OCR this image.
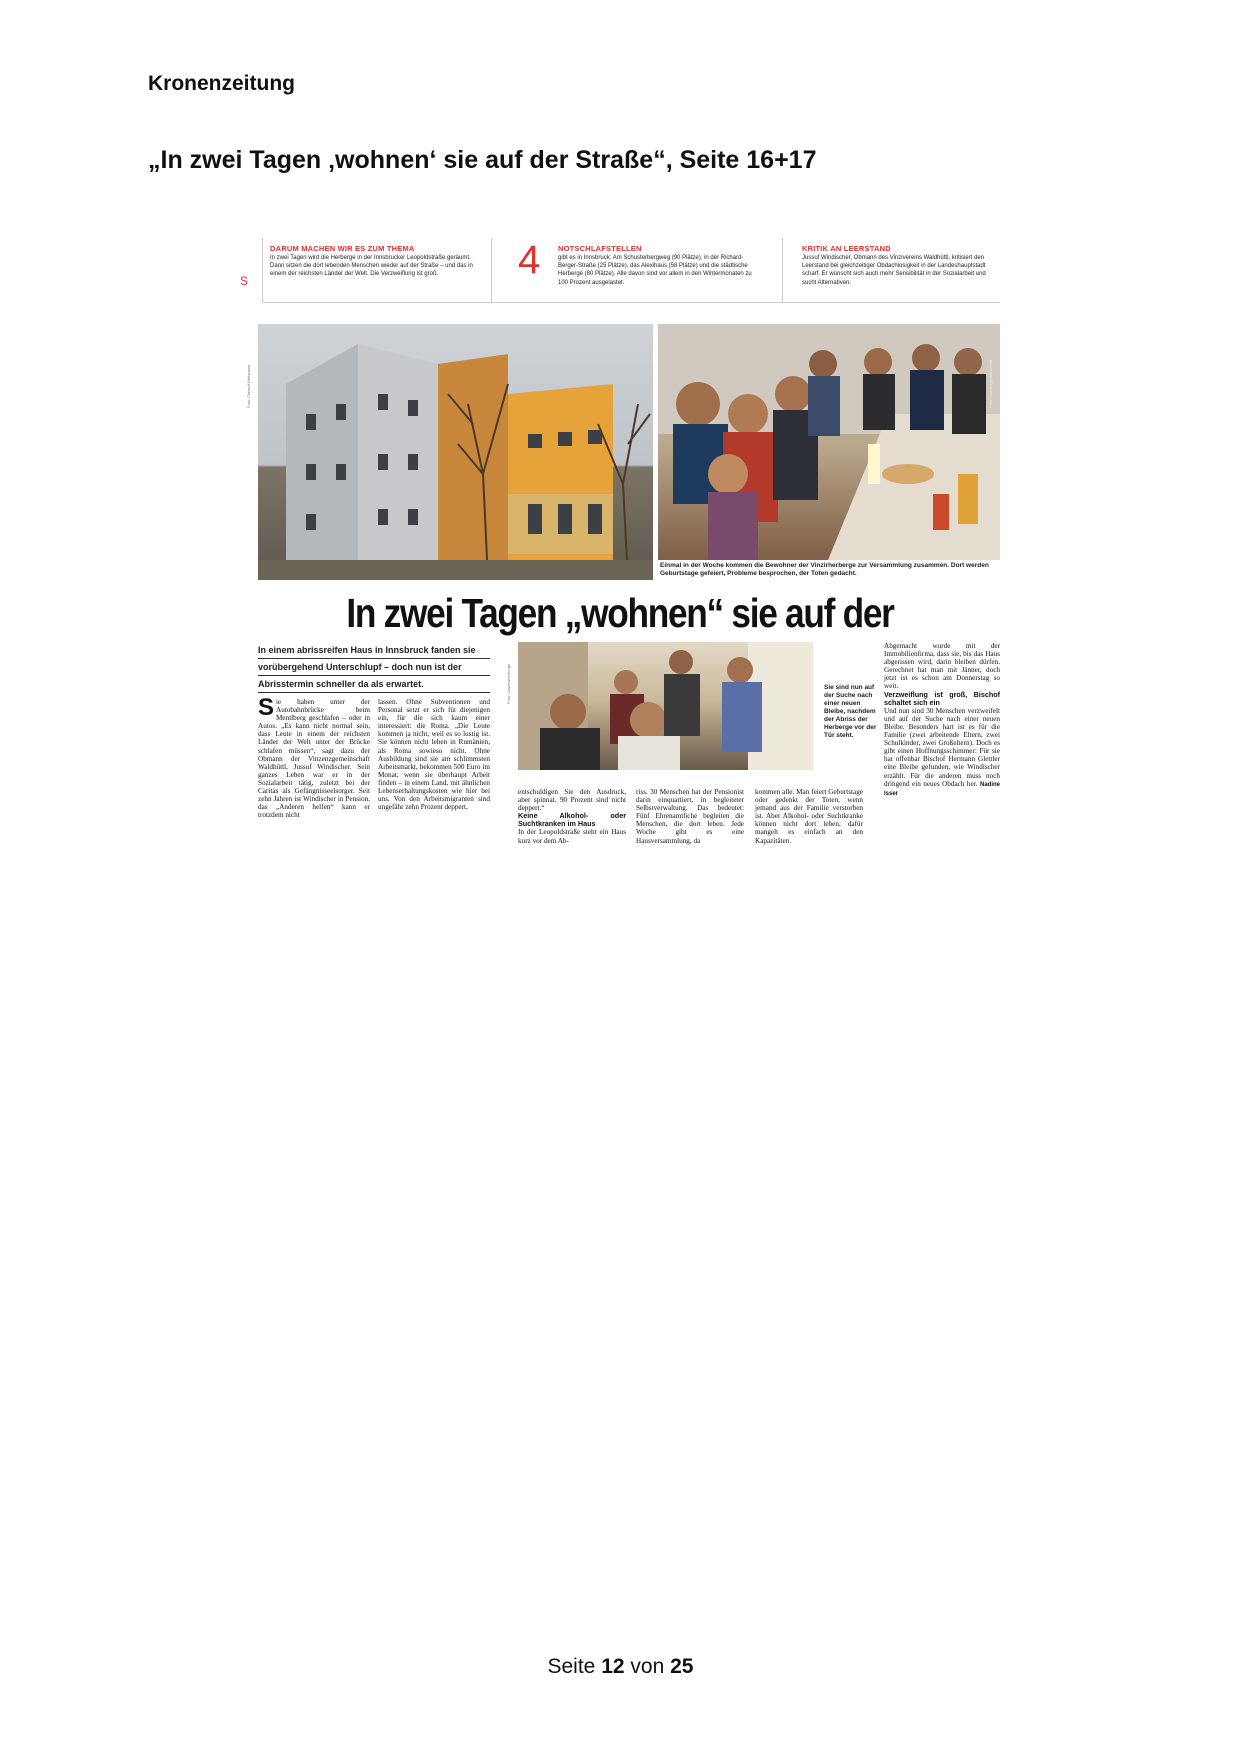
Kronenzeitung
„In zwei Tagen ‚wohnen‘ sie auf der Straße“, Seite 16+17
S
DARUM MACHEN WIR ES ZUM THEMA

In zwei Tagen wird die Herberge in der Innsbrucker Leopoldstraße geräumt. Dann sitzen die dort lebenden Menschen wieder auf der Straße – und das in einem der reichsten Länder der Welt. Die Verzweiflung ist groß.	4 NOTSCHLAFSTELLEN

gibt es in Innsbruck: Am Schusterbergweg (90 Plätze), in der Richard-Berger-Straße (25 Plätze), das Alexihaus (58 Plätze) und die städtische Herberge (80 Plätze). Alle davon sind vor allem in den Wintermonaten zu 100 Prozent ausgelastet.

KRITIK AN LEERSTAND

Jussuf Windischer, Obmann des Vinzivereins Waldhüttl, kritisiert den Leerstand bei gleichzeitiger Obdachlosigkeit in der Landeshauptstadt scharf. Er wünscht sich auch mehr Sensibilität in der Sozialarbeit und sucht Alternativen.

Foto: Christof Birbaumer	Foto: Vinzenzgemeinschaft
Einmal in der Woche kommen die Bewohner der Vinzirherberge zur Versammlung zusammen. Dort werden Geburtstage gefeiert, Probleme besprochen, der Toten gedacht.
In zwei Tagen „wohnen“ sie auf der
In einem abrissreifen Haus in Innsbruck fanden sie
vorübergehend Unterschlupf – doch nun ist der
Abrisstermin schneller da als erwartet.
Sie haben unter der Autobahnbrücke beim Mentlberg geschlafen – oder in Autos. „Es kann nicht normal sein, dass Leute in einem der reichsten Länder der Welt unter der Brücke schlafen müssen“, sagt dazu der Obmann der Vinzenzgemeinschaft Waldhüttl, Jussuf Windischer. Sein ganzes Leben war er in der Sozialarbeit tätig, zuletzt bei der Caritas als Gefängnisseelsorger. Seit zehn Jahren ist Windischer in Pension, das „Anderen helfen“ kann er trotzdem nicht
lassen. Ohne Subventionen und Personal setzt er sich für diejenigen ein, für die sich kaum einer interessiert: die Roma. „Die Leute kommen ja nicht, weil es so lustig ist. Sie können nicht leben in Rumänien, als Roma sowieso nicht. Ohne Ausbildung sind sie am schlimmsten Arbeitsmarkt, bekommen 500 Euro im Monat, wenn sie überhaupt Arbeit finden – in einem Land, mit ähnlichen Lebenserhaltungskosten wie hier bei uns. Von den Arbeitsmigranten sind ungefähr zehn Prozent deppert,
Foto: Vinzenzherberge	Sie sind nun auf der Suche nach einer neuen Bleibe, nachdem der Abriss der Herberge vor der Tür steht.
entschuldigen Sie den Ausdruck, aber spinnat. 90 Prozent sind nicht deppert.“
Keine Alkohol- oder Suchtkranken im Haus
In der Leopoldstraße steht ein Haus kurz vor dem Ab-
riss. 30 Menschen hat der Pensionist darin einquartiert, in begleiteter Selbstverwaltung. Das bedeutet: Fünf Ehrenamtliche begleiten die Menschen, die dort leben. Jede Woche gibt es eine Hausversammlung, da
kommen alle. Man feiert Geburtstage oder gedenkt der Toten, wenn jemand aus der Familie verstorben ist. Aber Alkohol- oder Suchtkranke können nicht dort leben, dafür mangelt es einfach an den Kapazitäten.
Abgemacht wurde mit der Immobilienfirma, dass sie, bis das Haus abgerissen wird, darin bleiben dürfen. Gerechnet hat man mit Jänner, doch jetzt ist es schon am Donnerstag so weit.
Verzweiflung ist groß, Bischof schaltet sich ein
Und nun sind 30 Menschen verzweifelt und auf der Suche nach einer neuen Bleibe. Besonders hart ist es für die Familie (zwei arbeitende Eltern, zwei Schulkinder, zwei Großeltern). Doch es gibt einen Hoffnungsschimmer: Für sie hat offenbar Bischof Hermann Glettler eine Bleibe gefunden, wie Windischer erzählt. Für die anderen muss noch dringend ein neues Obdach her. Nadine Isser
Seite 12 von 25
